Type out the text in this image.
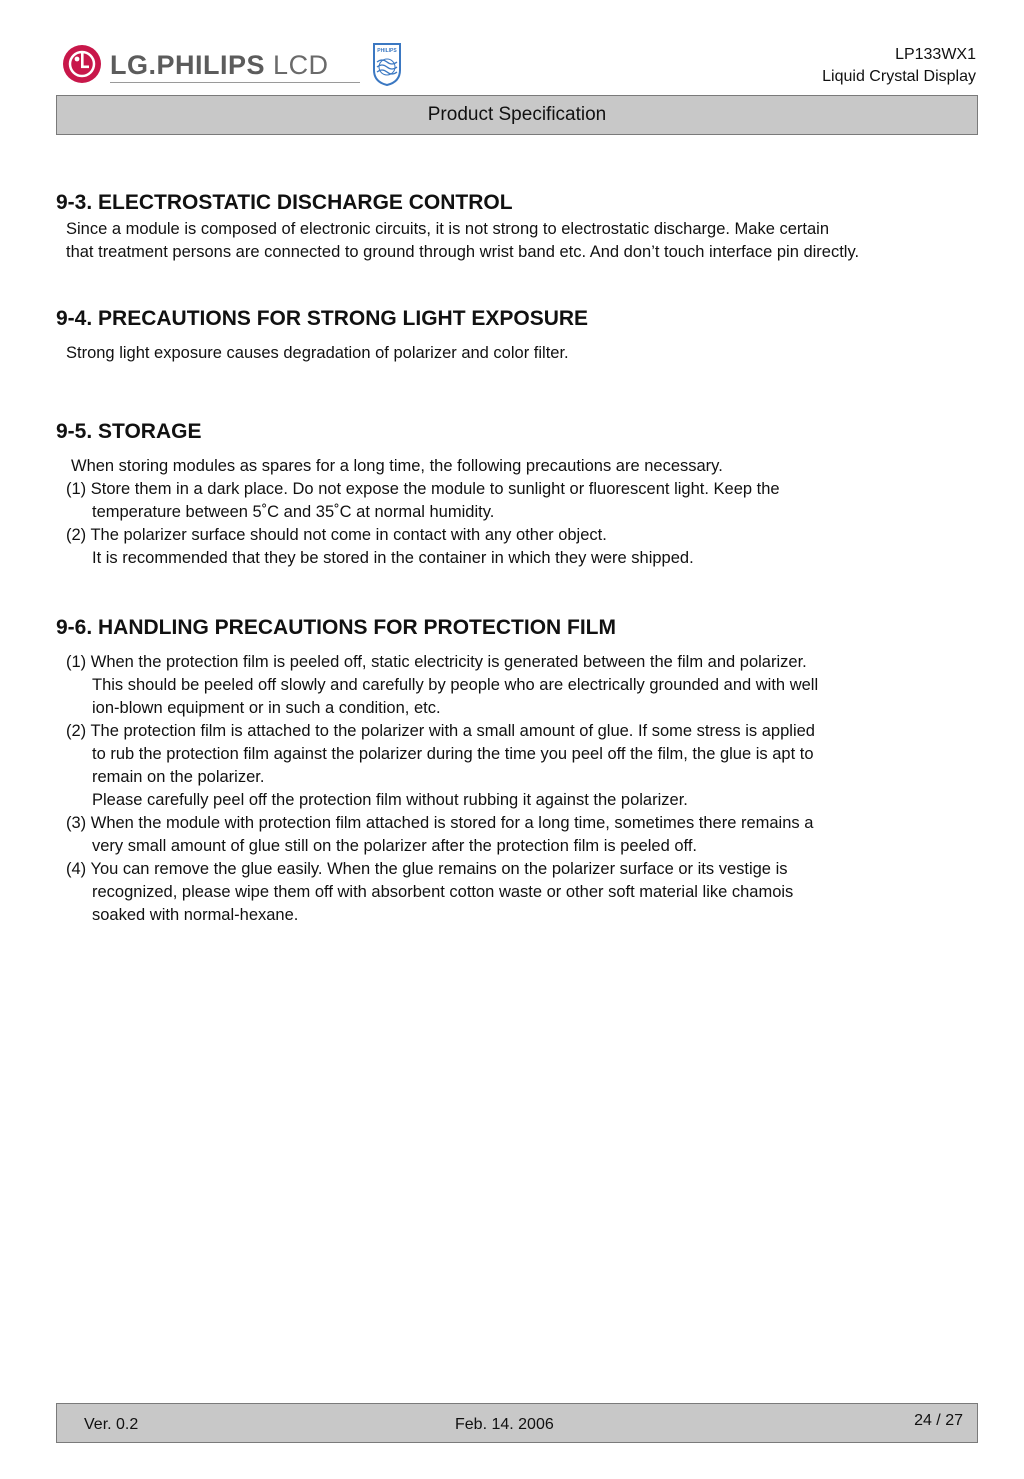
LG.PHILIPS LCD	PHILIPS	LP133WX1
Liquid Crystal Display
Product Specification
9-3. ELECTROSTATIC DISCHARGE CONTROL

Since a module is composed of electronic circuits, it is not strong to electrostatic discharge. Make certain

that treatment persons are connected to ground through wrist band etc. And don’t touch interface pin directly.

9-4. PRECAUTIONS FOR STRONG LIGHT EXPOSURE

Strong light exposure causes degradation of polarizer and color filter.

9-5. STORAGE

When storing modules as spares for a long time, the following precautions are necessary.

(1) Store them in a dark place. Do not expose the module to sunlight or fluorescent light. Keep the

temperature between 5˚C and 35˚C at normal humidity.

(2) The polarizer surface should not come in contact with any other object.

It is recommended that they be stored in the container in which they were shipped.

9-6. HANDLING PRECAUTIONS FOR PROTECTION FILM

(1) When the protection film is peeled off, static electricity is generated between the film and polarizer.

This should be peeled off slowly and carefully by people who are electrically grounded and with well

ion-blown equipment or in such a condition, etc.

(2) The protection film is attached to the polarizer with a small amount of glue. If some stress is applied

to rub the protection film against the polarizer during the time you peel off the film, the glue is apt to

remain on the polarizer.

Please carefully peel off the protection film without rubbing it against the polarizer.

(3) When the module with protection film attached is stored for a long time, sometimes there remains a

very small amount of glue still on the polarizer after the protection film is peeled off.

(4) You can remove the glue easily. When the glue remains on the polarizer surface or its vestige is

recognized, please wipe them off with absorbent cotton waste or other soft material like chamois

soaked with normal-hexane.

Ver. 0.2	Feb. 14. 2006	24 / 27
